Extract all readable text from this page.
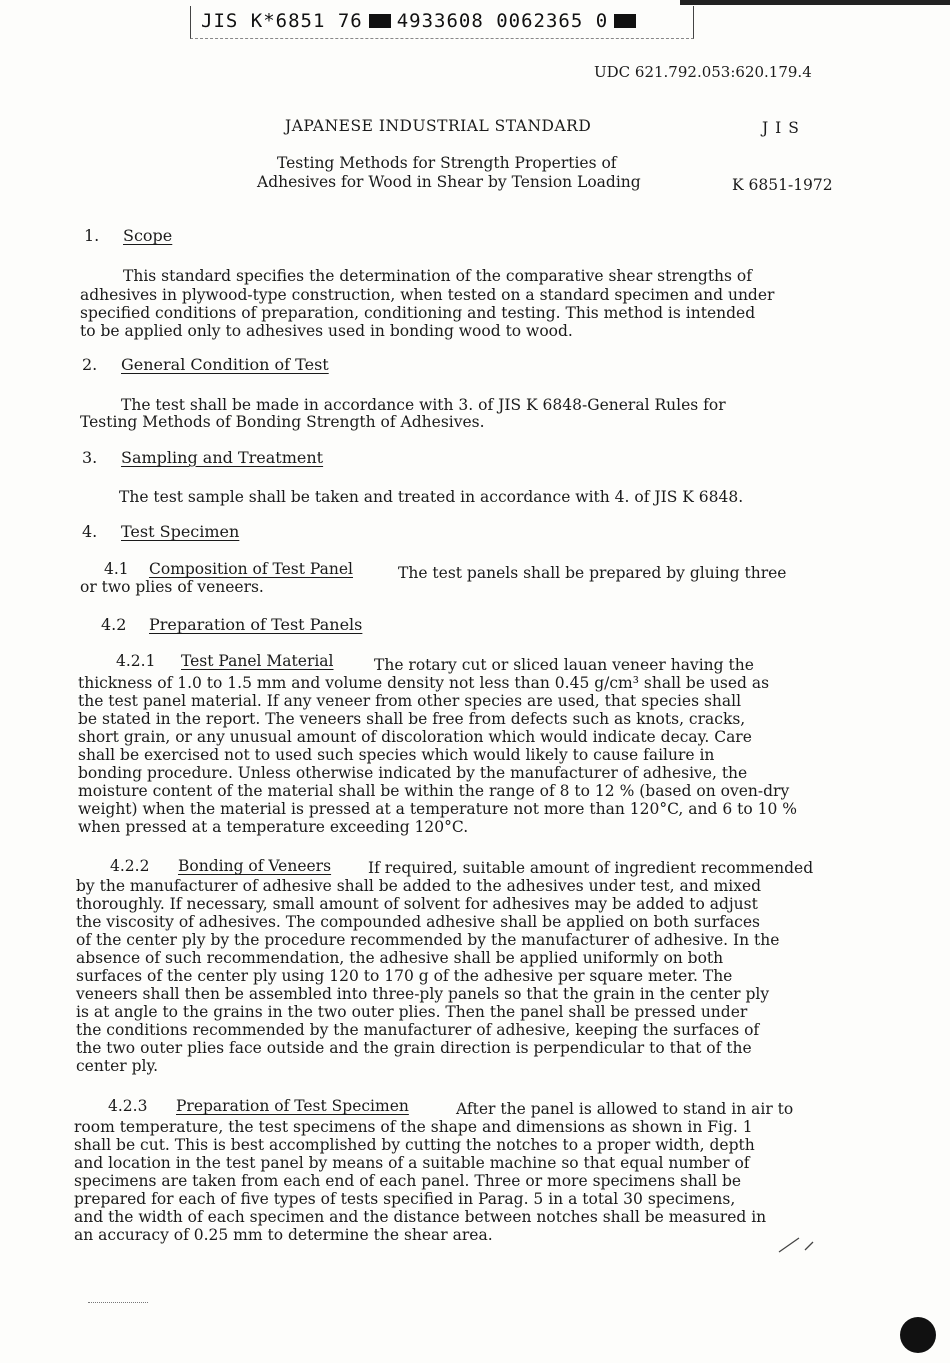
JIS K*6851 76 4933608 0062365 0
UDC 621.792.053:620.179.4
JAPANESE INDUSTRIAL STANDARD	J I S
Testing Methods for Strength Properties of
Adhesives for Wood in Shear by Tension Loading	K 6851-1972
1. Scope
This standard specifies the determination of the comparative shear strengths of
adhesives in plywood-type construction, when tested on a standard specimen and under
specified conditions of preparation, conditioning and testing. This method is intended
to be applied only to adhesives used in bonding wood to wood.
2. General Condition of Test
The test shall be made in accordance with 3. of JIS K 6848-General Rules for
Testing Methods of Bonding Strength of Adhesives.
3. Sampling and Treatment
The test sample shall be taken and treated in accordance with 4. of JIS K 6848.
4. Test Specimen
4.1 Composition of Test Panel	The test panels shall be prepared by gluing three
or two plies of veneers.
4.2 Preparation of Test Panels
4.2.1 Test Panel Material	The rotary cut or sliced lauan veneer having the
thickness of 1.0 to 1.5 mm and volume density not less than 0.45 g/cm³ shall be used as
the test panel material. If any veneer from other species are used, that species shall
be stated in the report. The veneers shall be free from defects such as knots, cracks,
short grain, or any unusual amount of discoloration which would indicate decay. Care
shall be exercised not to used such species which would likely to cause failure in
bonding procedure. Unless otherwise indicated by the manufacturer of adhesive, the
moisture content of the material shall be within the range of 8 to 12 % (based on oven-dry
weight) when the material is pressed at a temperature not more than 120°C, and 6 to 10 %
when pressed at a temperature exceeding 120°C.
4.2.2 Bonding of Veneers If required, suitable amount of ingredient recommended
by the manufacturer of adhesive shall be added to the adhesives under test, and mixed
thoroughly. If necessary, small amount of solvent for adhesives may be added to adjust
the viscosity of adhesives. The compounded adhesive shall be applied on both surfaces
of the center ply by the procedure recommended by the manufacturer of adhesive. In the
absence of such recommendation, the adhesive shall be applied uniformly on both
surfaces of the center ply using 120 to 170 g of the adhesive per square meter. The
veneers shall then be assembled into three-ply panels so that the grain in the center ply
is at angle to the grains in the two outer plies. Then the panel shall be pressed under
the conditions recommended by the manufacturer of adhesive, keeping the surfaces of
the two outer plies face outside and the grain direction is perpendicular to that of the
center ply.
4.2.3 Preparation of Test Specimen	After the panel is allowed to stand in air to
room temperature, the test specimens of the shape and dimensions as shown in Fig. 1
shall be cut. This is best accomplished by cutting the notches to a proper width, depth
and location in the test panel by means of a suitable machine so that equal number of
specimens are taken from each end of each panel. Three or more specimens shall be
prepared for each of five types of tests specified in Parag. 5 in a total 30 specimens,
and the width of each specimen and the distance between notches shall be measured in
an accuracy of 0.25 mm to determine the shear area.
